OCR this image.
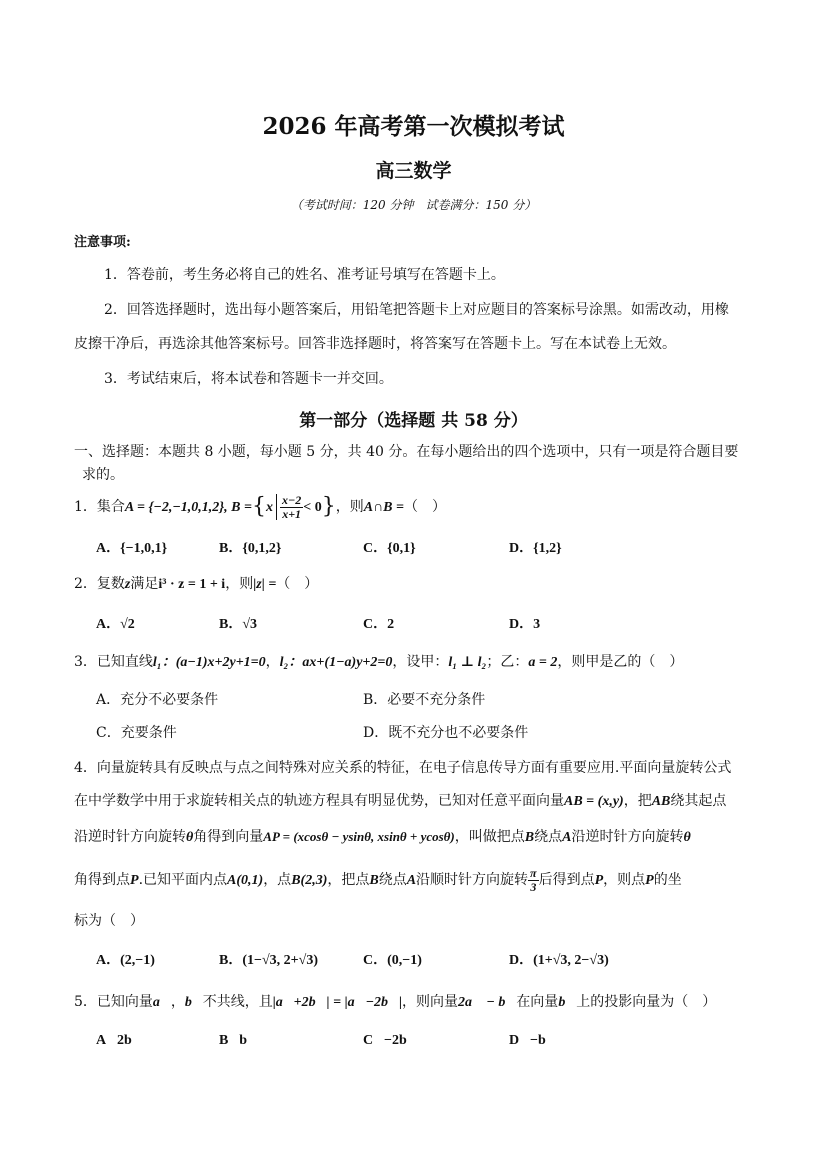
2026 年高考第一次模拟考试
高三数学
（考试时间：120 分钟　试卷满分：150 分）
注意事项:
1．答卷前，考生务必将自己的姓名、准考证号填写在答题卡上。
2．回答选择题时，选出每小题答案后，用铅笔把答题卡上对应题目的答案标号涂黑。如需改动，用橡
皮擦干净后，再选涂其他答案标号。回答非选择题时，将答案写在答题卡上。写在本试卷上无效。
3．考试结束后，将本试卷和答题卡一并交回。
第一部分（选择题 共 58 分）
一、选择题：本题共 8 小题，每小题 5 分，共 40 分。在每小题给出的四个选项中，只有一项是符合题目要
求的。
1．集合A = {−2,−1,0,1,2}, $B =\{x \frac{x-2}{x+1} < 0\}$，则A∩B =（　）
A．{−1,0,1}	B．{0,1,2}	C．{0,1}	D．{1,2}
2．复数z满足i³ · z = 1 + i，则|z| =（　）
A．√2	B．√3	C．2	D．3
3．已知直线l₁：(a−1)x+2y+1=0，l₂：ax+(1−a)y+2=0，设甲：l₁ ⊥ l₂；乙：a = 2，则甲是乙的（　）
A．充分不必要条件	B．必要不充分条件
C．充要条件	D．既不充分也不必要条件
4．向量旋转具有反映点与点之间特殊对应关系的特征，在电子信息传导方面有重要应用.平面向量旋转公式
在中学数学中用于求旋转相关点的轨迹方程具有明显优势，已知对任意平面向量AB = (x,y)，把AB绕其起点
沿逆时针方向旋转θ角得到向量AP = (xcosθ − ysinθ, xsinθ + ycosθ)，叫做把点B绕点A沿逆时针方向旋转θ
角得到点P.已知平面内点A(0,1)，点B(2,3)，把点B绕点A沿顺时针方向旋转 $\frac{\pi}{3}$ 后得到点P，则点P的坐
标为（　）
A．(2,−1)	B．(1−√3, 2+√3)	C．(0,−1)	D．(1+√3, 2−√3)
5．已知向量a⃗，b⃗不共线，且|a⃗+2b⃗| = |a⃗−2b⃗|，则向量2a⃗ − b⃗在向量b⃗上的投影向量为（　）
A．2b⃗	B．b⃗	C．−2b⃗	D．−b⃗
